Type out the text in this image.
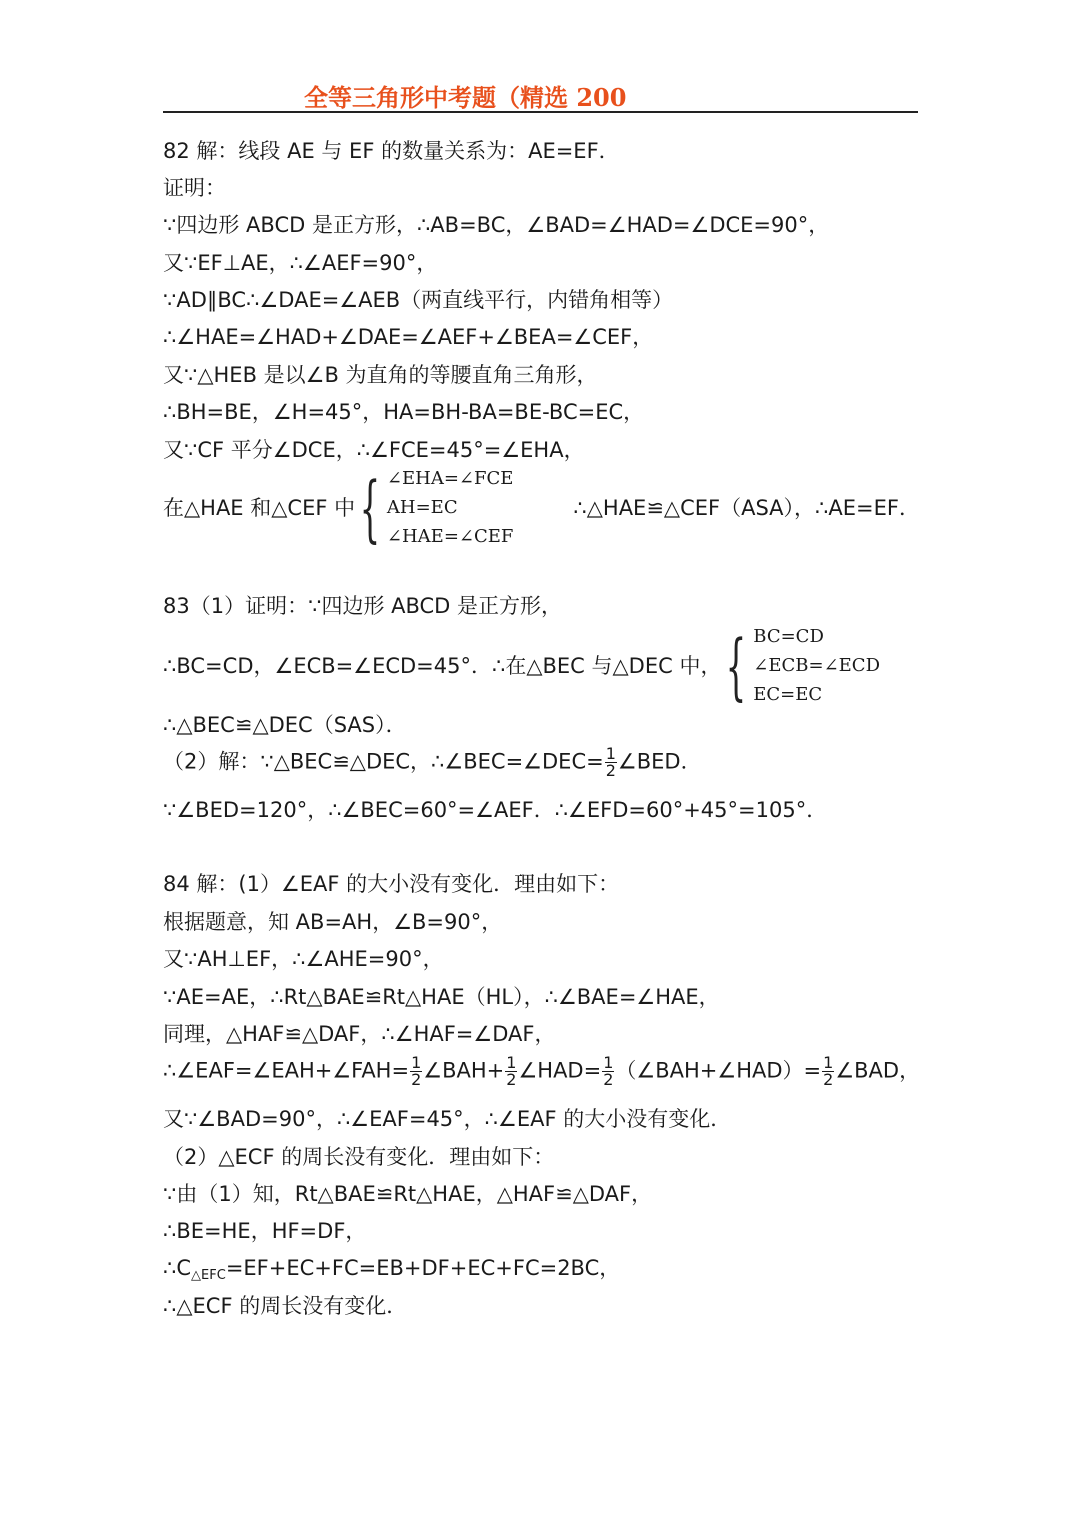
全等三角形中考题（精选 200
82 解：线段 AE 与 EF 的数量关系为：AE=EF．
证明：
∵四边形 ABCD 是正方形，∴AB=BC，∠BAD=∠HAD=∠DCE=90°，
又∵EF⊥AE，∴∠AEF=90°，
∵AD∥BC∴∠DAE=∠AEB（两直线平行，内错角相等）
∴∠HAE=∠HAD+∠DAE=∠AEF+∠BEA=∠CEF，
又∵△HEB 是以∠B 为直角的等腰直角三角形，
∴BH=BE，∠H=45°，HA=BH-BA=BE-BC=EC，
又∵CF 平分∠DCE，∴∠FCE=45°=∠EHA，
在△HAE 和△CEF 中 { ∠EHA=∠FCE
AH=EC
∠HAE=∠CEF
∴△HAE≌△CEF（ASA），∴AE=EF．
83（1）证明：∵四边形 ABCD 是正方形，
∴BC=CD，∠ECB=∠ECD=45°．∴在△BEC 与△DEC 中， { BC=CD
∠ECB=∠ECD
EC=EC
∴△BEC≌△DEC（SAS）．
（2）解：∵△BEC≌△DEC，∴∠BEC=∠DEC= $\frac{1}{2}$ ∠BED．
∵∠BED=120°，∴∠BEC=60°=∠AEF．∴∠EFD=60°+45°=105°．
84 解：(1）∠EAF 的大小没有变化．理由如下：
根据题意，知 AB=AH，∠B=90°，
又∵AH⊥EF，∴∠AHE=90°，
∵AE=AE，∴Rt△BAE≌Rt△HAE（HL），∴∠BAE=∠HAE，
同理，△HAF≌△DAF，∴∠HAF=∠DAF，
∴∠EAF=∠EAH+∠FAH= $\frac{1}{2}$ ∠BAH+ $\frac{1}{2}$ ∠HAD= $\frac{1}{2}$ （∠BAH+∠HAD）= $\frac{1}{2}$ ∠BAD，
又∵∠BAD=90°，∴∠EAF=45°，∴∠EAF 的大小没有变化．
（2）△ECF 的周长没有变化．理由如下：
∵由（1）知，Rt△BAE≌Rt△HAE，△HAF≌△DAF，
∴BE=HE，HF=DF，
$\therefore C_{\triangle EFC}=EF+EC+FC=EB+DF+EC+FC=2BC$，
∴△ECF 的周长没有变化．
